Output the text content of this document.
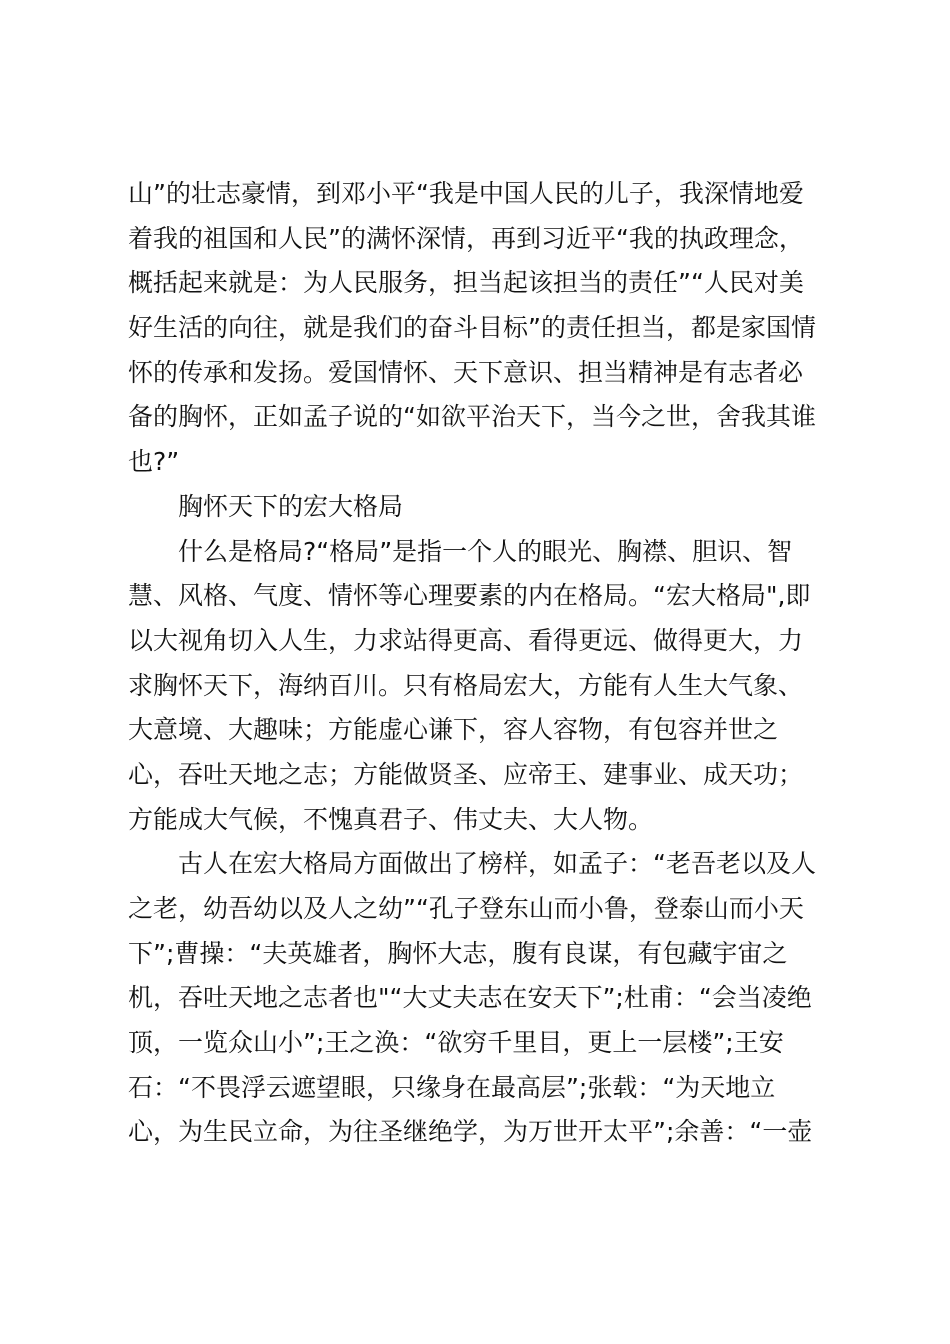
山”的壮志豪情，到邓小平“我是中国人民的儿子，我深情地爱
着我的祖国和人民”的满怀深情，再到习近平“我的执政理念，
概括起来就是：为人民服务，担当起该担当的责任”“人民对美
好生活的向往，就是我们的奋斗目标”的责任担当，都是家国情
怀的传承和发扬。爱国情怀、天下意识、担当精神是有志者必
备的胸怀，正如孟子说的“如欲平治天下，当今之世，舍我其谁
也?”

胸怀天下的宏大格局

什么是格局?“格局”是指一个人的眼光、胸襟、胆识、智
慧、风格、气度、情怀等心理要素的内在格局。“宏大格局",即
以大视角切入人生，力求站得更高、看得更远、做得更大，力
求胸怀天下，海纳百川。只有格局宏大，方能有人生大气象、
大意境、大趣味；方能虚心谦下，容人容物，有包容并世之
心，吞吐天地之志；方能做贤圣、应帝王、建事业、成天功；
方能成大气候，不愧真君子、伟丈夫、大人物。

古人在宏大格局方面做出了榜样，如孟子：“老吾老以及人
之老，幼吾幼以及人之幼”“孔子登东山而小鲁，登泰山而小天
下”;曹操：“夫英雄者，胸怀大志，腹有良谋，有包藏宇宙之
机，吞吐天地之志者也"“大丈夫志在安天下”;杜甫：“会当凌绝
顶，一览众山小”;王之涣：“欲穷千里目，更上一层楼”;王安
石：“不畏浮云遮望眼，只缘身在最高层”;张载：“为天地立
心，为生民立命，为往圣继绝学，为万世开太平”;余善：“一壶
